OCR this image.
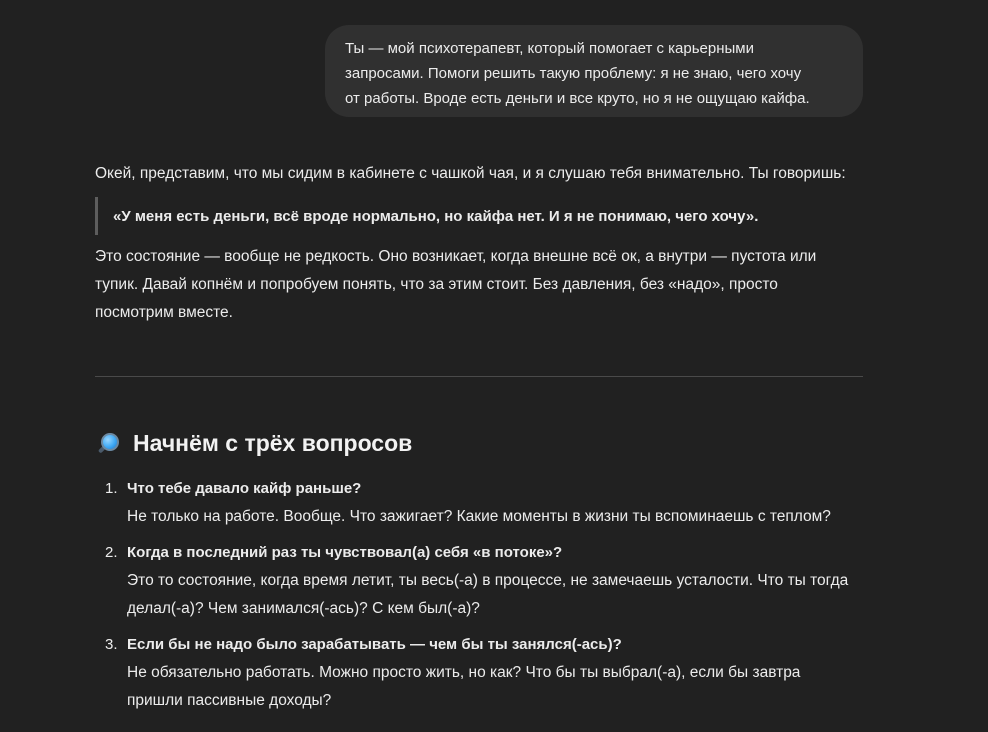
Ты — мой психотерапевт, который помогает с карьерными
запросами. Помоги решить такую проблему: я не знаю, чего хочу
от работы. Вроде есть деньги и все круто, но я не ощущаю кайфа.

Окей, представим, что мы сидим в кабинете с чашкой чая, и я слушаю тебя внимательно. Ты говоришь:

«У меня есть деньги, всё вроде нормально, но кайфа нет. И я не понимаю, чего хочу».
Это состояние — вообще не редкость. Оно возникает, когда внешне всё ок, а внутри — пустота или
тупик. Давай копнём и попробуем понять, что за этим стоит. Без давления, без «надо», просто
посмотрим вместе.
Начнём с трёх вопросов
1. Что тебе давало кайф раньше?
Не только на работе. Вообще. Что зажигает? Какие моменты в жизни ты вспоминаешь с теплом?
2. Когда в последний раз ты чувствовал(а) себя «в потоке»?
Это то состояние, когда время летит, ты весь(-а) в процессе, не замечаешь усталости. Что ты тогда
делал(-а)? Чем занимался(-ась)? С кем был(-а)?
3. Если бы не надо было зарабатывать — чем бы ты занялся(-ась)?
Не обязательно работать. Можно просто жить, но как? Что бы ты выбрал(-а), если бы завтра
пришли пассивные доходы?
